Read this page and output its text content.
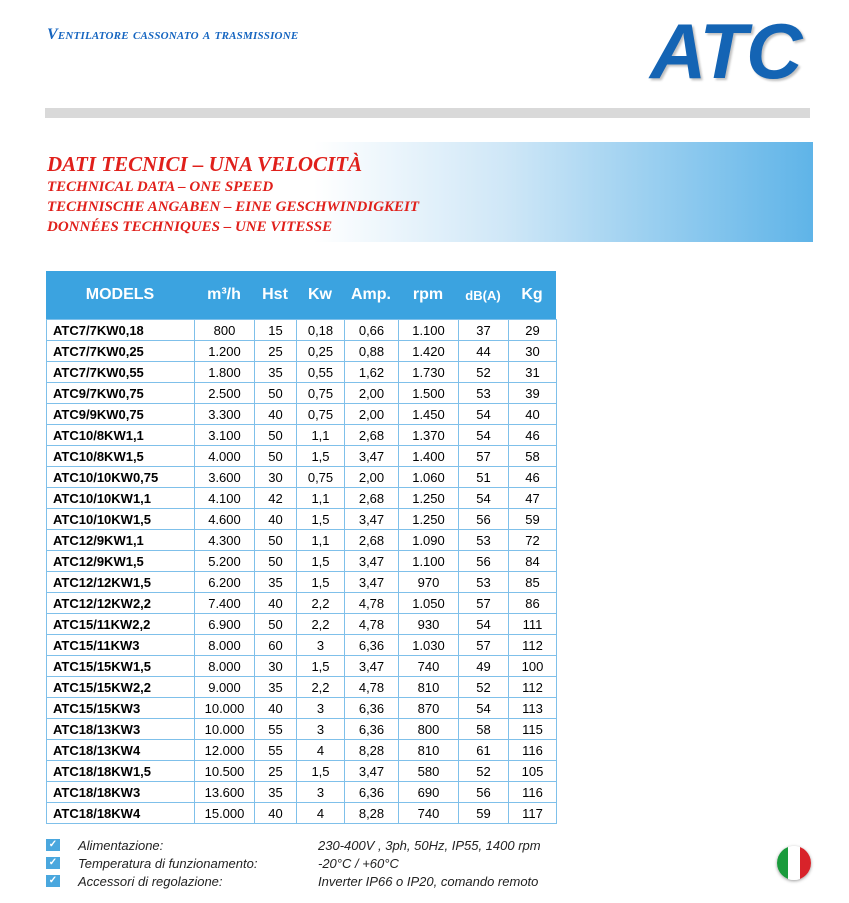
Ventilatore cassonato a trasmissione	ATC
DATI TECNICI – UNA VELOCITÀ
TECHNICAL DATA – ONE SPEED
TECHNISCHE ANGABEN – EINE GESCHWINDIGKEIT
DONNÉES TECHNIQUES – UNE VITESSE
MODELS	m³/h	Hst	Kw	Amp.	rpm	dB(A)	Kg
ATC7/7KW0,18	800	15	0,18	0,66	1.100	37	29
ATC7/7KW0,25	1.200	25	0,25	0,88	1.420	44	30
ATC7/7KW0,55	1.800	35	0,55	1,62	1.730	52	31
ATC9/7KW0,75	2.500	50	0,75	2,00	1.500	53	39
ATC9/9KW0,75	3.300	40	0,75	2,00	1.450	54	40
ATC10/8KW1,1	3.100	50	1,1	2,68	1.370	54	46
ATC10/8KW1,5	4.000	50	1,5	3,47	1.400	57	58
ATC10/10KW0,75	3.600	30	0,75	2,00	1.060	51	46
ATC10/10KW1,1	4.100	42	1,1	2,68	1.250	54	47
ATC10/10KW1,5	4.600	40	1,5	3,47	1.250	56	59
ATC12/9KW1,1	4.300	50	1,1	2,68	1.090	53	72
ATC12/9KW1,5	5.200	50	1,5	3,47	1.100	56	84
ATC12/12KW1,5	6.200	35	1,5	3,47	970	53	85
ATC12/12KW2,2	7.400	40	2,2	4,78	1.050	57	86
ATC15/11KW2,2	6.900	50	2,2	4,78	930	54	111
ATC15/11KW3	8.000	60	3	6,36	1.030	57	112
ATC15/15KW1,5	8.000	30	1,5	3,47	740	49	100
ATC15/15KW2,2	9.000	35	2,2	4,78	810	52	112
ATC15/15KW3	10.000	40	3	6,36	870	54	113
ATC18/13KW3	10.000	55	3	6,36	800	58	115
ATC18/13KW4	12.000	55	4	8,28	810	61	116
ATC18/18KW1,5	10.500	25	1,5	3,47	580	52	105
ATC18/18KW3	13.600	35	3	6,36	690	56	116
ATC18/18KW4	15.000	40	4	8,28	740	59	117
✓ Alimentazione:	230-400V , 3ph, 50Hz, IP55, 1400 rpm
✓ Temperatura di funzionamento:	-20°C / +60°C
✓ Accessori di regolazione:	Inverter IP66 o IP20, comando remoto
